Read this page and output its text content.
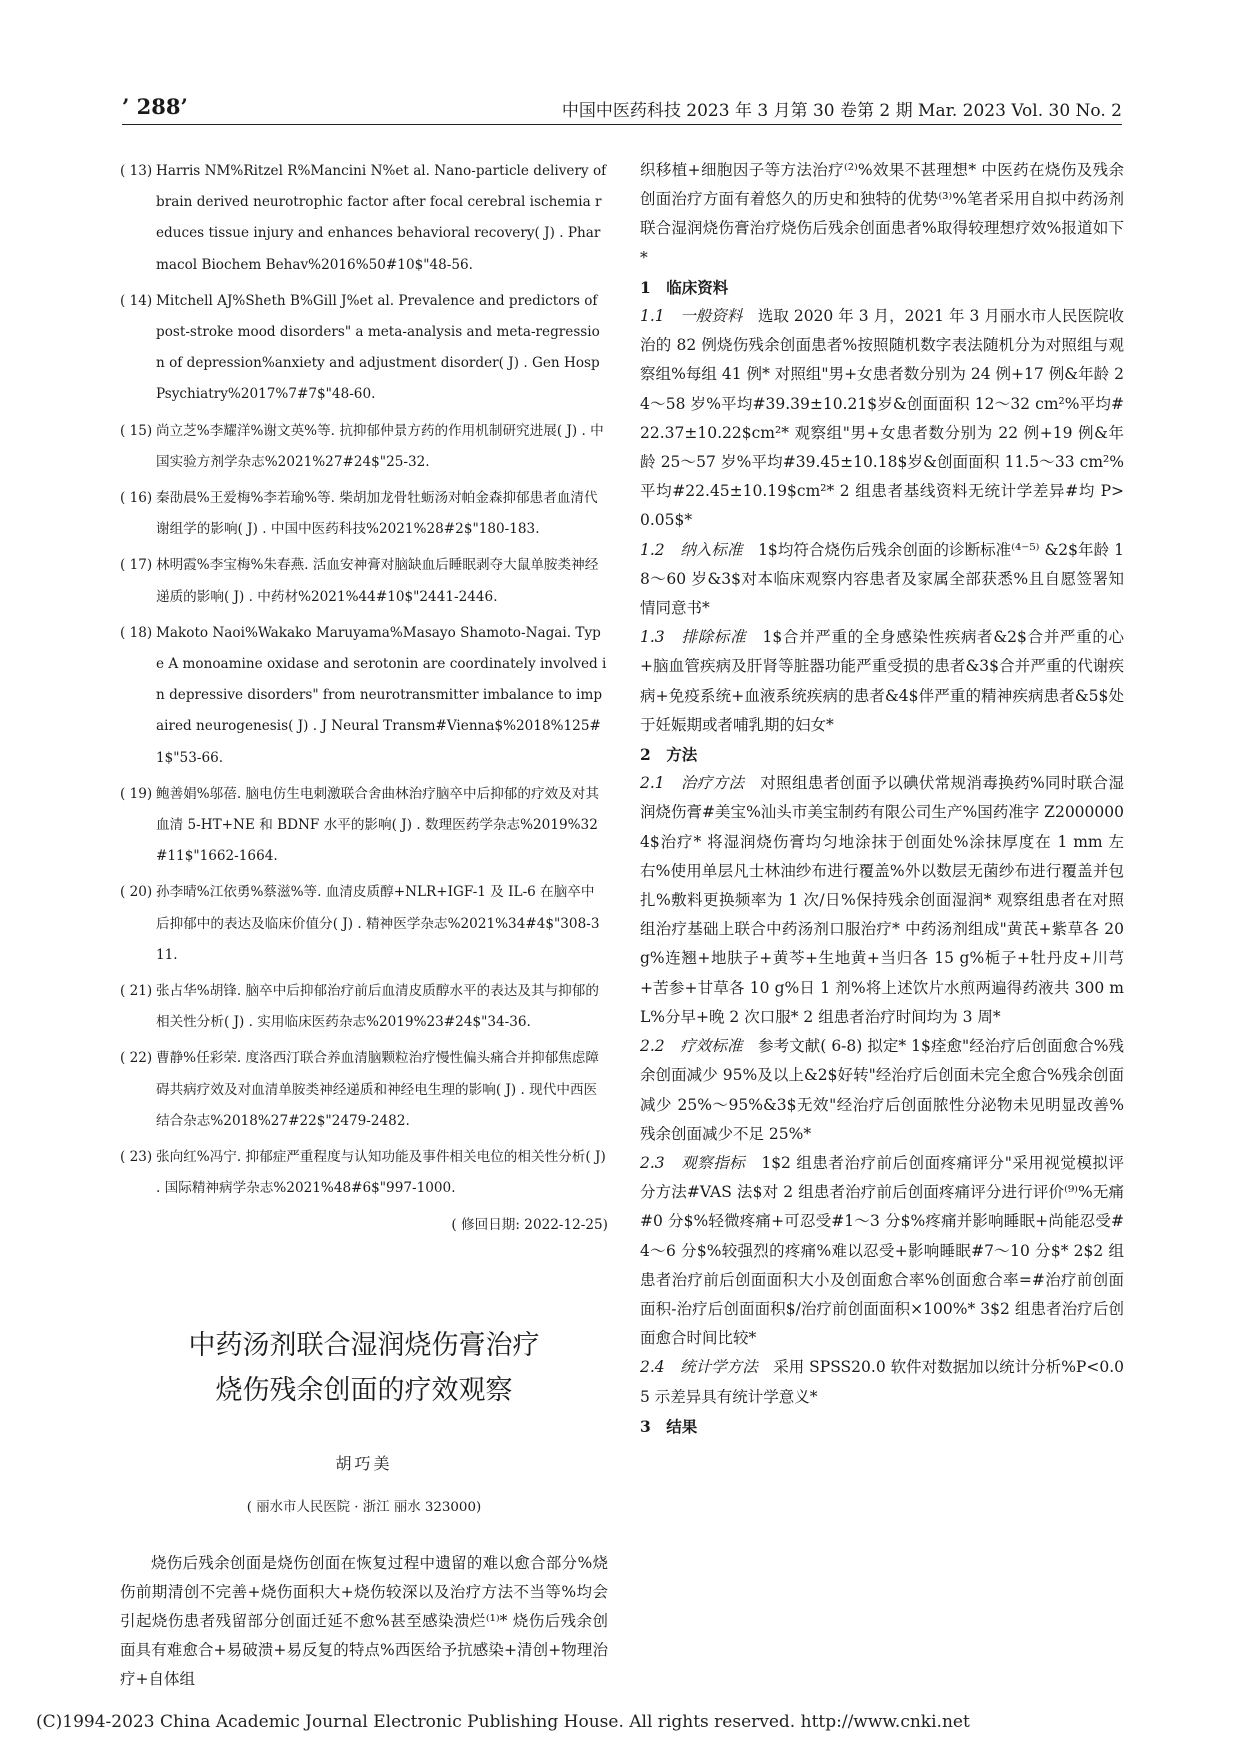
’ 288’	中国中医药科技 2023 年 3 月第 30 卷第 2 期 Mar. 2023 Vol. 30 No. 2
( 13) Harris NM%Ritzel R%Mancini N%et al. Nano-particle delivery of brain derived neurotrophic factor after focal cerebral ischemia reduces tissue injury and enhances behavioral recovery( J) . Pharmacol Biochem Behav%2016%50#10$"48-56.
( 14) Mitchell AJ%Sheth B%Gill J%et al. Prevalence and predictors of post-stroke mood disorders" a meta-analysis and meta-regression of depression%anxiety and adjustment disorder( J) . Gen Hosp Psychiatry%2017%7#7$"48-60.
( 15) 尚立芝%李耀洋%谢文英%等. 抗抑郁仲景方药的作用机制研究进展( J) . 中国实验方剂学杂志%2021%27#24$"25-32.
( 16) 秦劭晨%王爱梅%李若瑜%等. 柴胡加龙骨牡蛎汤对帕金森抑郁患者血清代谢组学的影响( J) . 中国中医药科技%2021%28#2$"180-183.
( 17) 林明霞%李宝梅%朱春燕. 活血安神膏对脑缺血后睡眠剥夺大鼠单胺类神经递质的影响( J) . 中药材%2021%44#10$"2441-2446.
( 18) Makoto Naoi%Wakako Maruyama%Masayo Shamoto-Nagai. Type A monoamine oxidase and serotonin are coordinately involved in depressive disorders" from neurotransmitter imbalance to impaired neurogenesis( J) . J Neural Transm#Vienna$%2018%125#1$"53-66.
( 19) 鲍善娟%邬蓓. 脑电仿生电刺激联合舍曲林治疗脑卒中后抑郁的疗效及对其血清 5-HT+NE 和 BDNF 水平的影响( J) . 数理医药学杂志%2019%32#11$"1662-1664.
( 20) 孙李晴%江依勇%蔡滋%等. 血清皮质醇+NLR+IGF-1 及 IL-6 在脑卒中后抑郁中的表达及临床价值分( J) . 精神医学杂志%2021%34#4$"308-311.
( 21) 张占华%胡锋. 脑卒中后抑郁治疗前后血清皮质醇水平的表达及其与抑郁的相关性分析( J) . 实用临床医药杂志%2019%23#24$"34-36.
( 22) 曹静%任彩荣. 度洛西汀联合养血清脑颗粒治疗慢性偏头痛合并抑郁焦虑障碍共病疗效及对血清单胺类神经递质和神经电生理的影响( J) . 现代中西医结合杂志%2018%27#22$"2479-2482.
( 23) 张向红%冯宁. 抑郁症严重程度与认知功能及事件相关电位的相关性分析( J) . 国际精神病学杂志%2021%48#6$"997-1000.
( 修回日期: 2022-12-25)
中药汤剂联合湿润烧伤膏治疗
烧伤残余创面的疗效观察
胡巧美
( 丽水市人民医院 · 浙江 丽水 323000)

烧伤后残余创面是烧伤创面在恢复过程中遗留的难以愈合部分%烧伤前期清创不完善+烧伤面积大+烧伤较深以及治疗方法不当等%均会引起烧伤患者残留部分创面迁延不愈%甚至感染溃烂⁽¹⁾* 烧伤后残余创面具有难愈合+易破溃+易反复的特点%西医给予抗感染+清创+物理治疗+自体组

织移植+细胞因子等方法治疗⁽²⁾%效果不甚理想* 中医药在烧伤及残余创面治疗方面有着悠久的历史和独特的优势⁽³⁾%笔者采用自拟中药汤剂联合湿润烧伤膏治疗烧伤后残余创面患者%取得较理想疗效%报道如下*

1　临床资料

1.1　一般资料　选取 2020 年 3 月，2021 年 3 月丽水市人民医院收治的 82 例烧伤残余创面患者%按照随机数字表法随机分为对照组与观察组%每组 41 例* 对照组"男+女患者数分别为 24 例+17 例&年龄 24～58 岁%平均#39.39±10.21$岁&创面面积 12～32 cm²%平均#22.37±10.22$cm²* 观察组"男+女患者数分别为 22 例+19 例&年龄 25～57 岁%平均#39.45±10.18$岁&创面面积 11.5～33 cm²%平均#22.45±10.19$cm²* 2 组患者基线资料无统计学差异#均 P>0.05$*

1.2　纳入标准　1$均符合烧伤后残余创面的诊断标准⁽⁴⁻⁵⁾ &2$年龄 18～60 岁&3$对本临床观察内容患者及家属全部获悉%且自愿签署知情同意书*

1.3　排除标准　1$合并严重的全身感染性疾病者&2$合并严重的心+脑血管疾病及肝肾等脏器功能严重受损的患者&3$合并严重的代谢疾病+免疫系统+血液系统疾病的患者&4$伴严重的精神疾病患者&5$处于妊娠期或者哺乳期的妇女*

2　方法

2.1　治疗方法　对照组患者创面予以碘伏常规消毒换药%同时联合湿润烧伤膏#美宝%汕头市美宝制药有限公司生产%国药准字 Z20000004$治疗* 将湿润烧伤膏均匀地涂抹于创面处%涂抹厚度在 1 mm 左右%使用单层凡士林油纱布进行覆盖%外以数层无菌纱布进行覆盖并包扎%敷料更换频率为 1 次/日%保持残余创面湿润* 观察组患者在对照组治疗基础上联合中药汤剂口服治疗* 中药汤剂组成"黄芪+紫草各 20 g%连翘+地肤子+黄芩+生地黄+当归各 15 g%栀子+牡丹皮+川芎+苦参+甘草各 10 g%日 1 剂%将上述饮片水煎两遍得药液共 300 mL%分早+晚 2 次口服* 2 组患者治疗时间均为 3 周*

2.2　疗效标准　参考文献( 6-8) 拟定* 1$痊愈"经治疗后创面愈合%残余创面减少 95%及以上&2$好转"经治疗后创面未完全愈合%残余创面减少 25%～95%&3$无效"经治疗后创面脓性分泌物未见明显改善%残余创面减少不足 25%*

2.3　观察指标　1$2 组患者治疗前后创面疼痛评分"采用视觉模拟评分方法#VAS 法$对 2 组患者治疗前后创面疼痛评分进行评价⁽⁹⁾%无痛#0 分$%轻微疼痛+可忍受#1～3 分$%疼痛并影响睡眠+尚能忍受#4～6 分$%较强烈的疼痛%难以忍受+影响睡眠#7～10 分$* 2$2 组患者治疗前后创面面积大小及创面愈合率%创面愈合率=#治疗前创面面积-治疗后创面面积$/治疗前创面面积×100%* 3$2 组患者治疗后创面愈合时间比较*

2.4　统计学方法　采用 SPSS20.0 软件对数据加以统计分析%P<0.05 示差异具有统计学意义*

3　结果
(C)1994-2023 China Academic Journal Electronic Publishing House. All rights reserved. http://www.cnki.net
